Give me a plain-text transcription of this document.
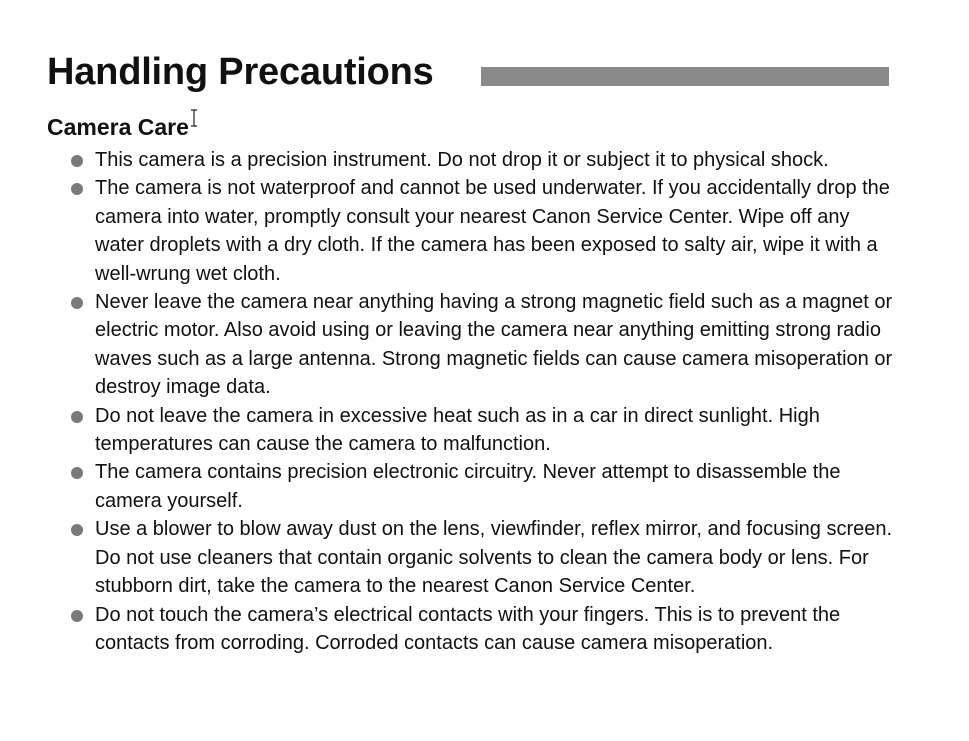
Handling Precautions
Camera Care
This camera is a precision instrument. Do not drop it or subject it to physical shock.
The camera is not waterproof and cannot be used underwater. If you accidentally drop the camera into water, promptly consult your nearest Canon Service Center. Wipe off any water droplets with a dry cloth. If the camera has been exposed to salty air, wipe it with a well-wrung wet cloth.
Never leave the camera near anything having a strong magnetic field such as a magnet or electric motor. Also avoid using or leaving the camera near anything emitting strong radio waves such as a large antenna. Strong magnetic fields can cause camera misoperation or destroy image data.
Do not leave the camera in excessive heat such as in a car in direct sunlight. High temperatures can cause the camera to malfunction.
The camera contains precision electronic circuitry. Never attempt to disassemble the camera yourself.
Use a blower to blow away dust on the lens, viewfinder, reflex mirror, and focusing screen. Do not use cleaners that contain organic solvents to clean the camera body or lens. For stubborn dirt, take the camera to the nearest Canon Service Center.
Do not touch the camera’s electrical contacts with your fingers. This is to prevent the contacts from corroding. Corroded contacts can cause camera misoperation.
